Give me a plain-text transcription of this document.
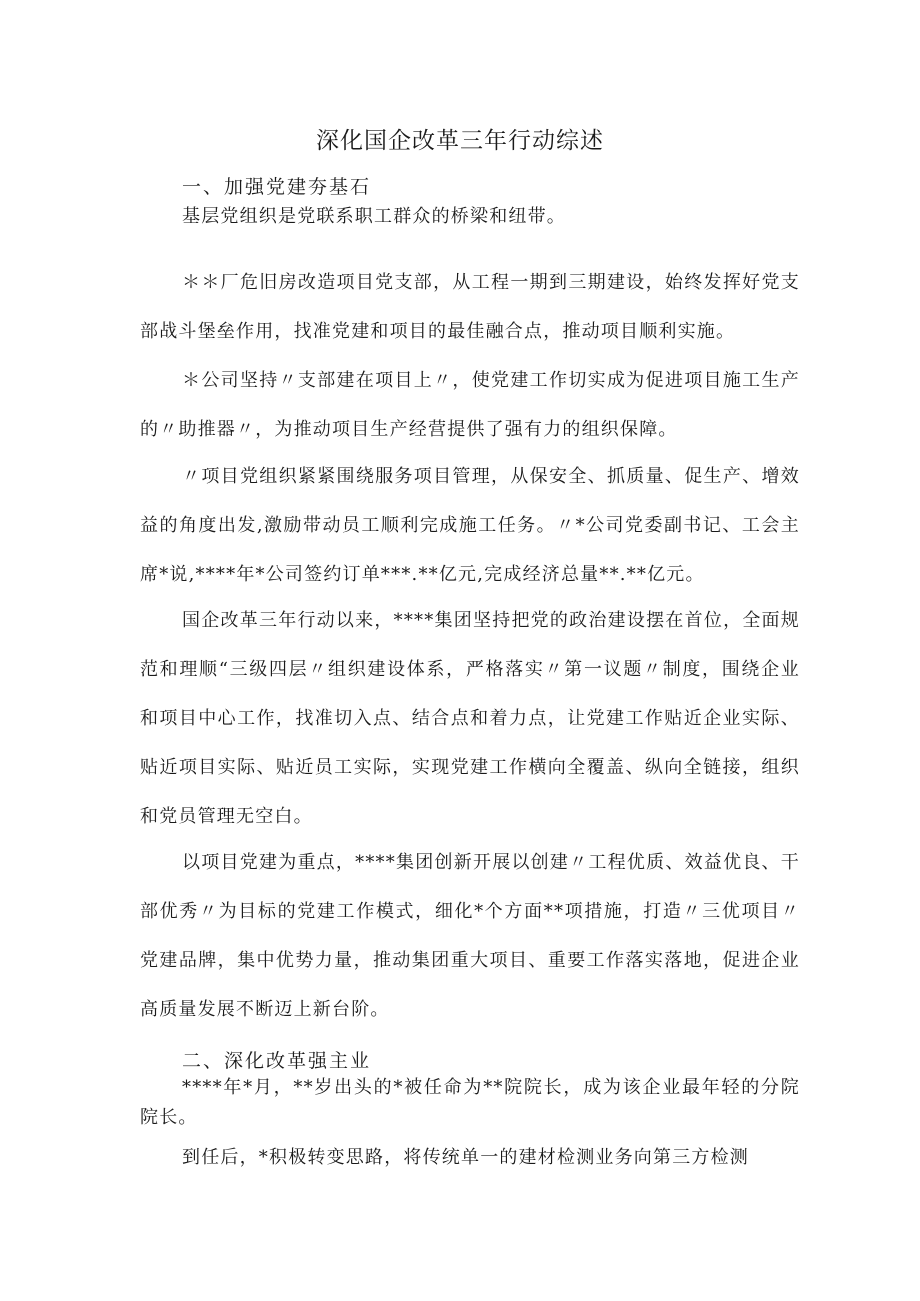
深化国企改革三年行动综述
一、加强党建夯基石

基层党组织是党联系职工群众的桥梁和纽带。

＊＊厂危旧房改造项目党支部，从工程一期到三期建设，始终发挥好党支部战斗堡垒作用，找准党建和项目的最佳融合点，推动项目顺利实施。

＊公司坚持〃支部建在项目上〃，使党建工作切实成为促进项目施工生产的〃助推器〃，为推动项目生产经营提供了强有力的组织保障。

〃项目党组织紧紧围绕服务项目管理，从保安全、抓质量、促生产、增效益的角度出发,激励带动员工顺利完成施工任务。〃*公司党委副书记、工会主席*说,****年*公司签约订单***.**亿元,完成经济总量**.**亿元。

国企改革三年行动以来，****集团坚持把党的政治建设摆在首位，全面规范和理顺“三级四层〃组织建设体系，严格落实〃第一议题〃制度，围绕企业和项目中心工作，找准切入点、结合点和着力点，让党建工作贴近企业实际、贴近项目实际、贴近员工实际，实现党建工作横向全覆盖、纵向全链接，组织和党员管理无空白。

以项目党建为重点，****集团创新开展以创建〃工程优质、效益优良、干部优秀〃为目标的党建工作模式，细化*个方面**项措施，打造〃三优项目〃党建品牌，集中优势力量，推动集团重大项目、重要工作落实落地，促进企业高质量发展不断迈上新台阶。

二、深化改革强主业

****年*月，**岁出头的*被任命为**院院长，成为该企业最年轻的分院院长。

到任后，*积极转变思路，将传统单一的建材检测业务向第三方检测
